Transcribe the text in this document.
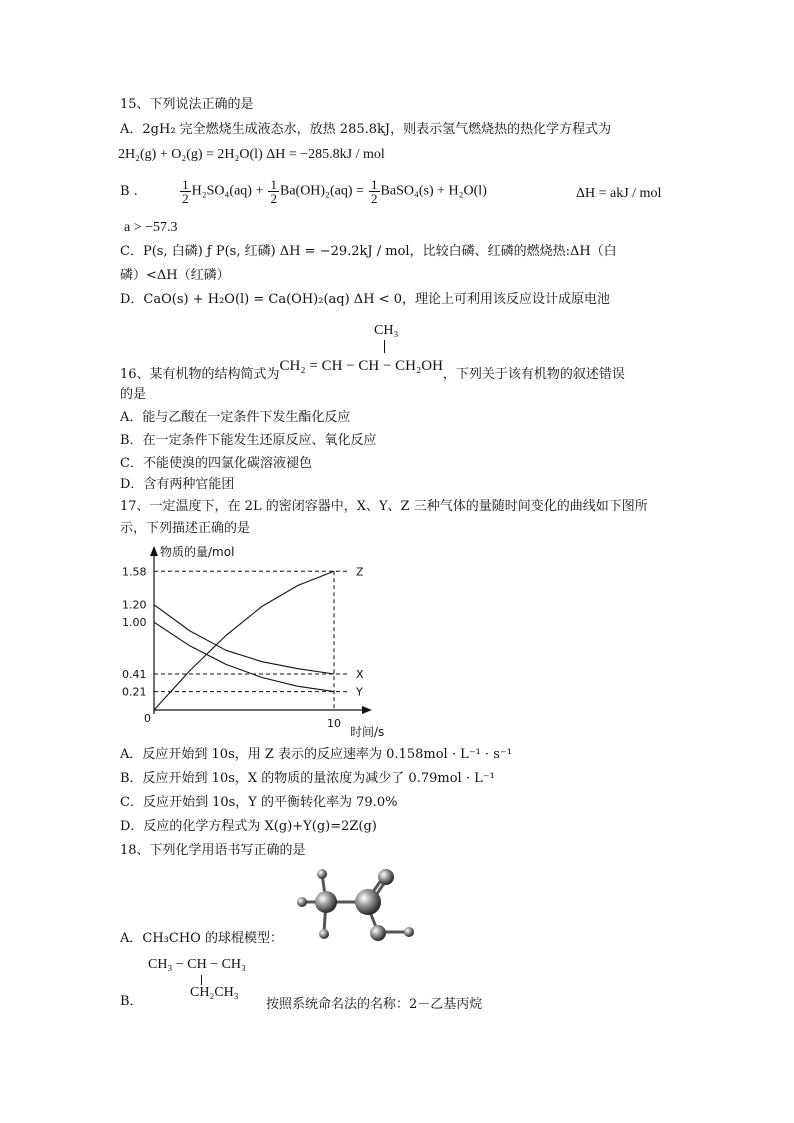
15、下列说法正确的是
A．2gH₂ 完全燃烧生成液态水，放热 285.8kJ，则表示氢气燃烧热的热化学方程式为
2H₂(g) + O₂(g) = 2H₂O(l) ΔH = −285.8kJ / mol
B .	$\frac{1}{2} H_2SO_4(aq) + \frac{1}{2} Ba(OH)_2(aq) = \frac{1}{2}$ BaSO₄(s) + H₂O(l)	ΔH = akJ / mol
a > −57.3
C．P(s, 白磷) ƒ P(s, 红磷) ΔH = −29.2kJ / mol，比较白磷、红磷的燃烧热:ΔH（白
磷）<ΔH（红磷）
D．CaO(s) + H₂O(l) = Ca(OH)₂(aq) ΔH < 0，理论上可利用该反应设计成原电池
CH₃
16、某有机物的结构简式为CH₂ = CH − CH − CH₂OH，下列关于该有机物的叙述错误
的是
A．能与乙酸在一定条件下发生酯化反应
B．在一定条件下能发生还原反应、氧化反应
C．不能使溴的四氯化碳溶液褪色
D．含有两种官能团
17、一定温度下，在 2L 的密闭容器中，X、Y、Z 三种气体的量随时间变化的曲线如下图所
示，下列描述正确的是
物质的量/mol
时间/s
0
1.58
1.20
1.00
0.41
0.21
10
Z
X
Y
A．反应开始到 10s，用 Z 表示的反应速率为 0.158mol · L⁻¹ · s⁻¹
B．反应开始到 10s，X 的物质的量浓度为减少了 0.79mol · L⁻¹
C．反应开始到 10s，Y 的平衡转化率为 79.0%
D．反应的化学方程式为 X(g)+Y(g)=2Z(g)
18、下列化学用语书写正确的是
A．CH₃CHO 的球棍模型：
CH₃ − CH − CH₃
CH₂CH₃
B．	按照系统命名法的名称：2－乙基丙烷
